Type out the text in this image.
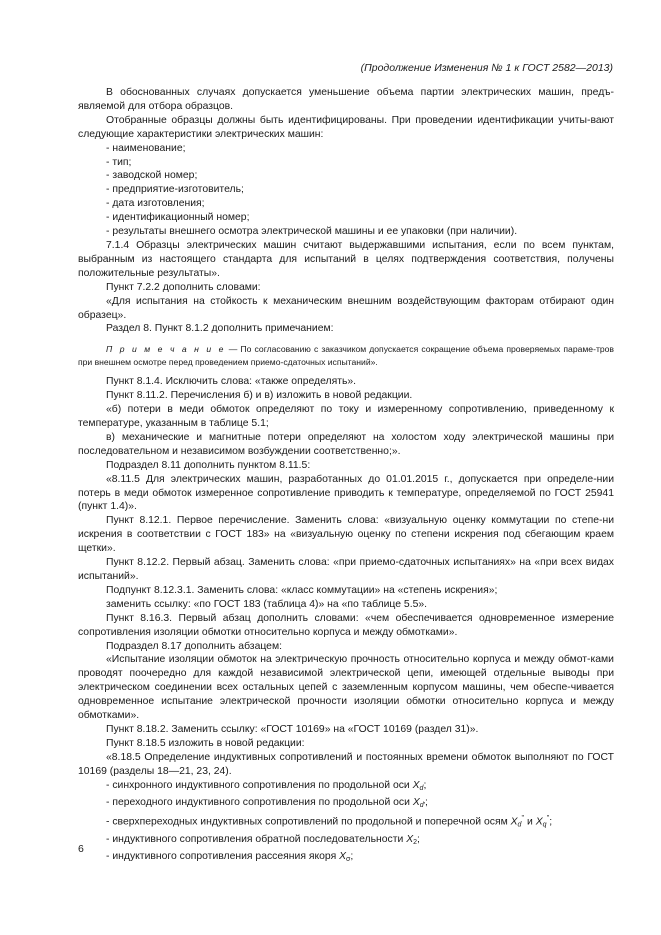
(Продолжение Изменения № 1 к ГОСТ 2582—2013)

В обоснованных случаях допускается уменьшение объема партии электрических машин, предъ-являемой для отбора образцов.

Отобранные образцы должны быть идентифицированы. При проведении идентификации учиты-вают следующие характеристики электрических машин:

- наименование;

- тип;

- заводской номер;

- предприятие-изготовитель;

- дата изготовления;

- идентификационный номер;

- результаты внешнего осмотра электрической машины и ее упаковки (при наличии).

7.1.4 Образцы электрических машин считают выдержавшими испытания, если по всем пунктам, выбранным из настоящего стандарта для испытаний в целях подтверждения соответствия, получены положительные результаты».

Пункт 7.2.2 дополнить словами:

«Для испытания на стойкость к механическим внешним воздействующим факторам отбирают один образец».

Раздел 8. Пункт 8.1.2 дополнить примечанием:

П р и м е ч а н и е — По согласованию с заказчиком допускается сокращение объема проверяемых параме-тров при внешнем осмотре перед проведением приемо-сдаточных испытаний».

Пункт 8.1.4. Исключить слова: «также определять».

Пункт 8.11.2. Перечисления б) и в) изложить в новой редакции.

«б) потери в меди обмоток определяют по току и измеренному сопротивлению, приведенному к температуре, указанным в таблице 5.1;

в) механические и магнитные потери определяют на холостом ходу электрической машины при последовательном и независимом возбуждении соответственно;».

Подраздел 8.11 дополнить пунктом 8.11.5:

«8.11.5 Для электрических машин, разработанных до 01.01.2015 г., допускается при определе-нии потерь в меди обмоток измеренное сопротивление приводить к температуре, определяемой по ГОСТ 25941 (пункт 1.4)».

Пункт 8.12.1. Первое перечисление. Заменить слова: «визуальную оценку коммутации по степе-ни искрения в соответствии с ГОСТ 183» на «визуальную оценку по степени искрения под сбегающим краем щетки».

Пункт 8.12.2. Первый абзац. Заменить слова: «при приемо-сдаточных испытаниях» на «при всех видах испытаний».

Подпункт 8.12.3.1. Заменить слова: «класс коммутации» на «степень искрения»;

заменить ссылку: «по ГОСТ 183 (таблица 4)» на «по таблице 5.5».

Пункт 8.16.3. Первый абзац дополнить словами: «чем обеспечивается одновременное измерение сопротивления изоляции обмотки относительно корпуса и между обмотками».

Подраздел 8.17 дополнить абзацем:

«Испытание изоляции обмоток на электрическую прочность относительно корпуса и между обмот-ками проводят поочередно для каждой независимой электрической цепи, имеющей отдельные выводы при электрическом соединении всех остальных цепей с заземленным корпусом машины, чем обеспе-чивается одновременное испытание электрической прочности изоляции обмотки относительно корпуса и между обмотками».

Пункт 8.18.2. Заменить ссылку: «ГОСТ 10169» на «ГОСТ 10169 (раздел 31)».

Пункт 8.18.5 изложить в новой редакции:

«8.18.5 Определение индуктивных сопротивлений и постоянных времени обмоток выполняют по ГОСТ 10169 (разделы 18—21, 23, 24).

- синхронного индуктивного сопротивления по продольной оси $X_d$;

- переходного индуктивного сопротивления по продольной оси $X_{d'}$;

- сверхпереходных индуктивных сопротивлений по продольной и поперечной осям $X_d''$ и $X_q''$;

- индуктивного сопротивления обратной последовательности $X_2$;

- индуктивного сопротивления рассеяния якоря $X_\sigma$;

6
